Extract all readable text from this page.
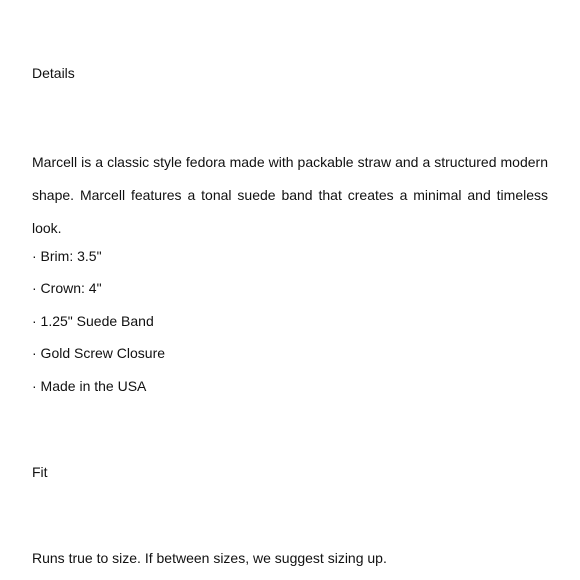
Details

Marcell is a classic style fedora made with packable straw and a structured modern shape. Marcell features a tonal suede band that creates a minimal and timeless look.

· Brim: 3.5"
· Crown: 4"
· 1.25" Suede Band
· Gold Screw Closure
· Made in the USA
Fit

Runs true to size. If between sizes, we suggest sizing up.
